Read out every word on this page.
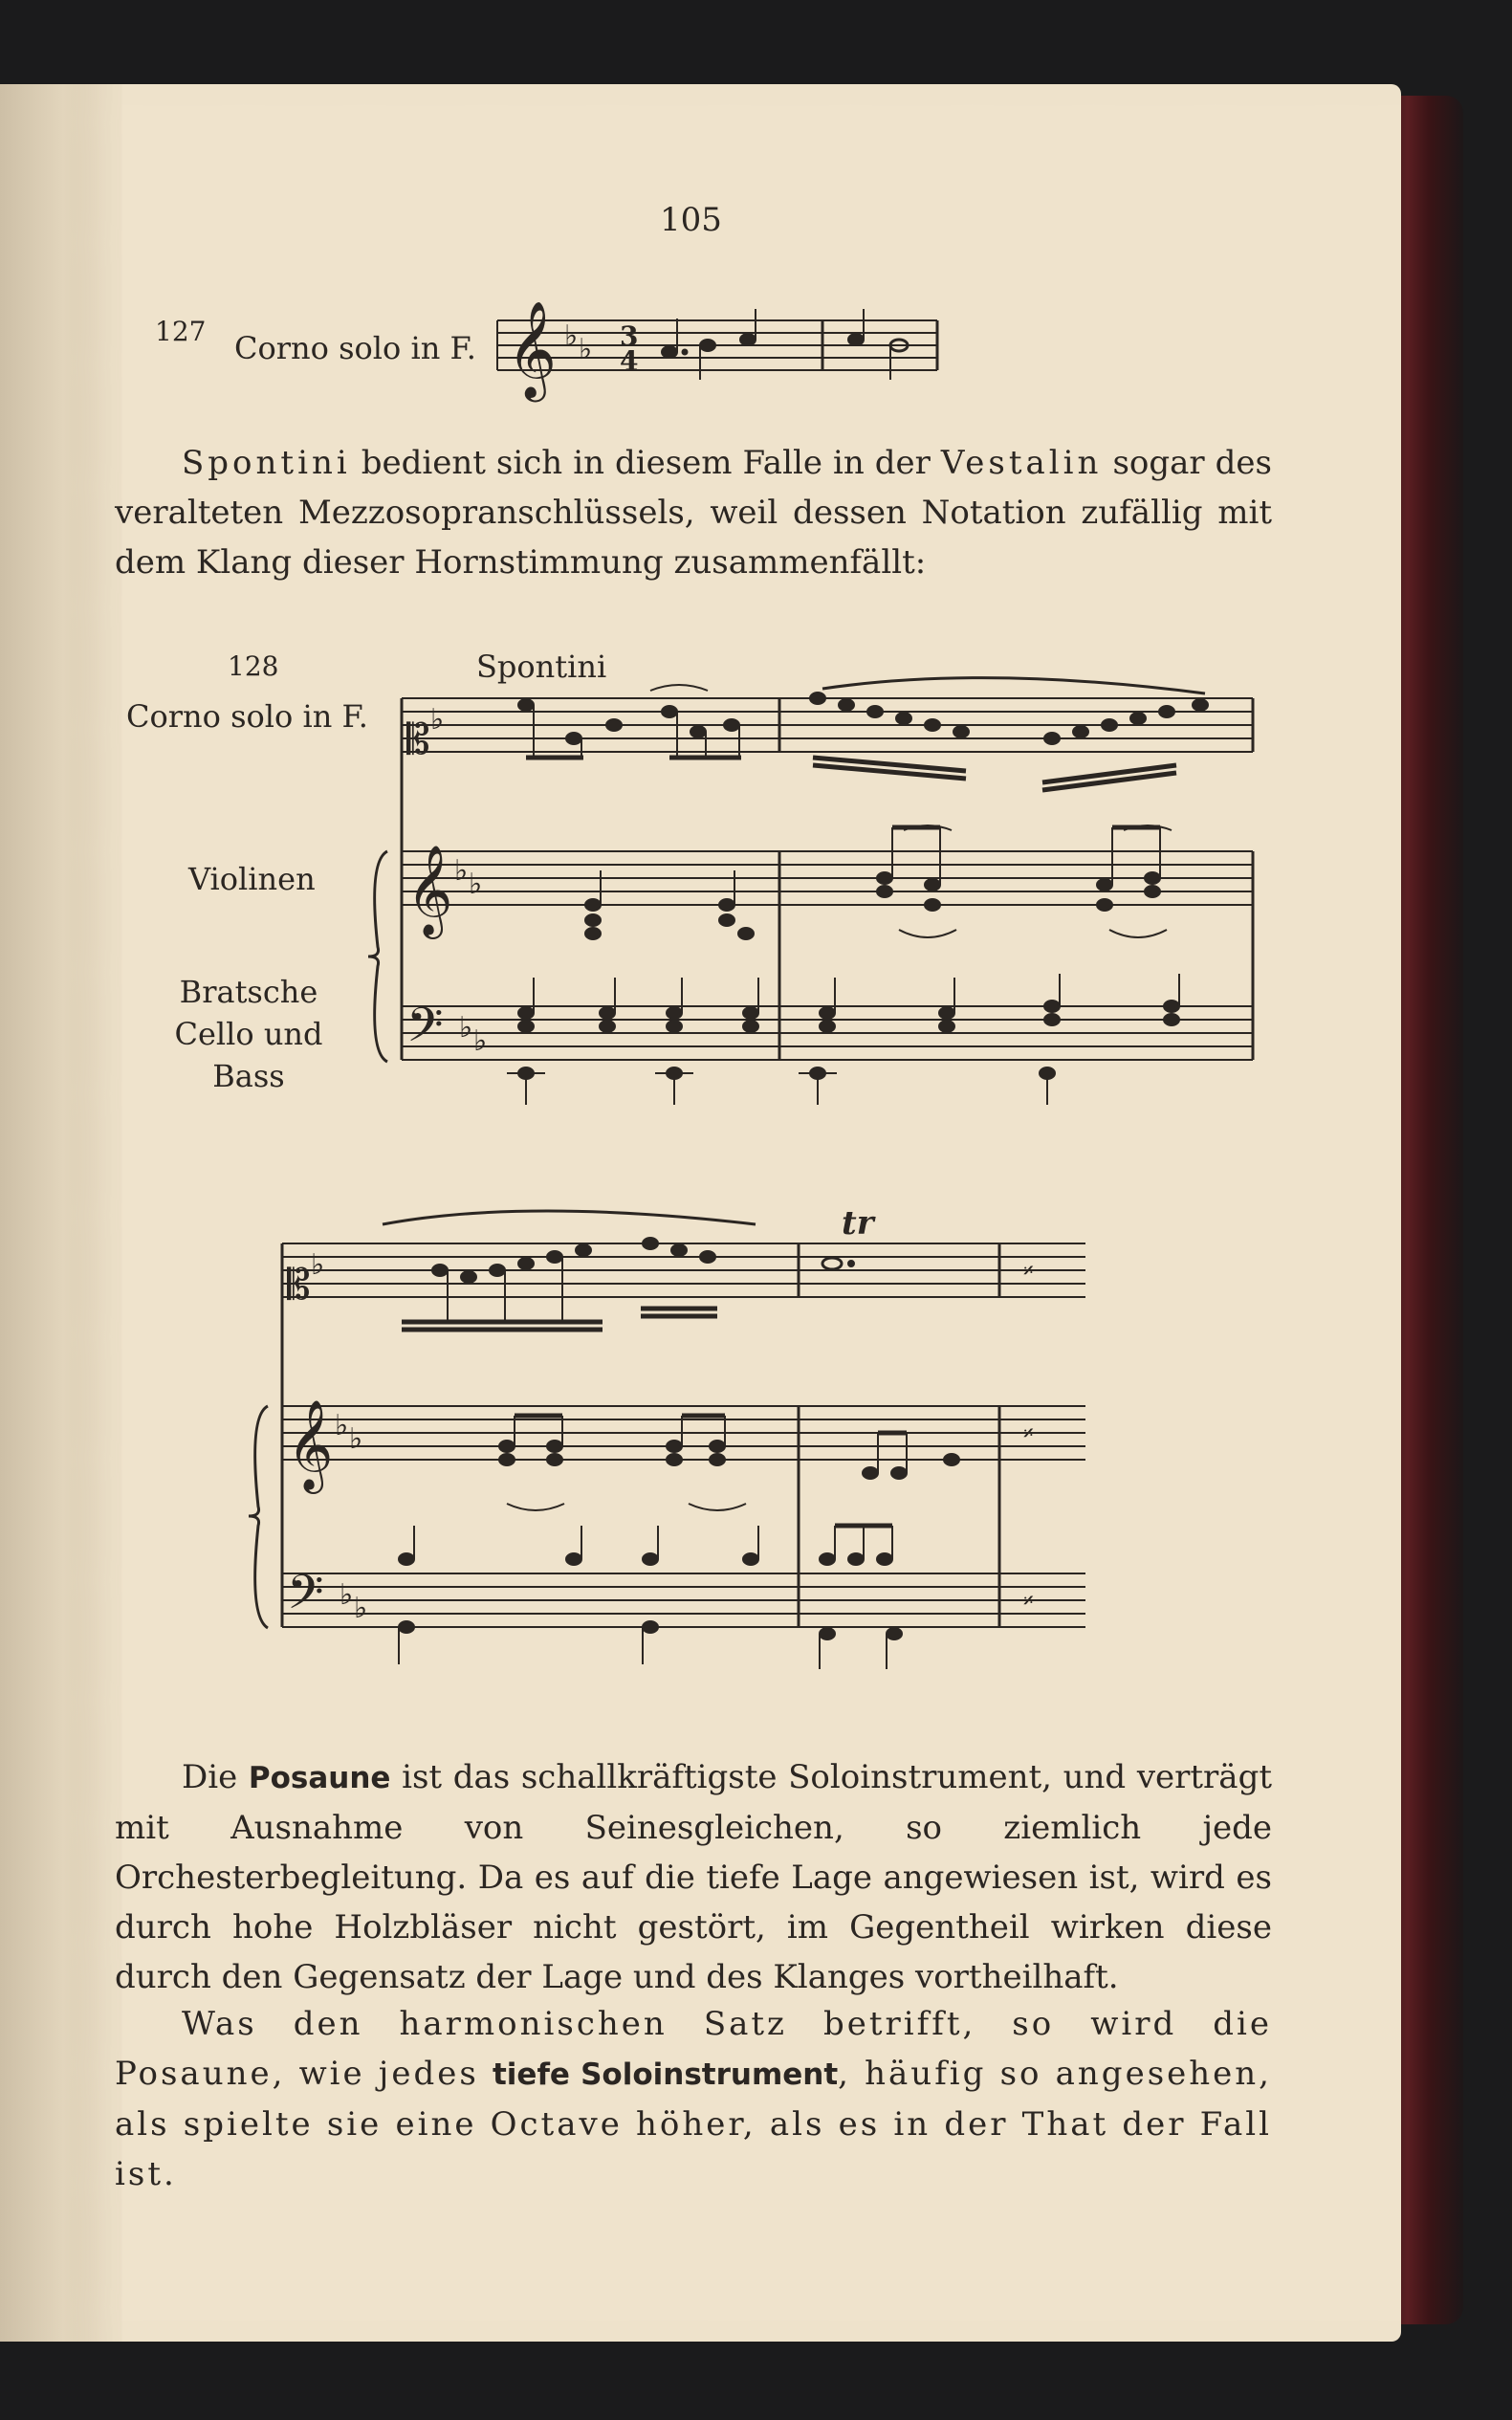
105

127 Corno solo in F. 𝄞 ♭ ♭ 3
4

Spontini bedient sich in diesem Falle in der Vestalin sogar des veralteten Mezzosopranschlüssels, weil dessen Notation zufällig mit dem Klang dieser Hornstimmung zusammenfällt:

128

Corno solo in F.

Spontini

Violinen

Bratsche
Cello und
Bass
𝄡 ♭
𝄞 ♭ ♭
𝄢 ♭ ♭
𝄡 ♭
𝄞 ♭ ♭
𝄢 ♭ ♭
tr
𝄎
𝄎
𝄎

Die Posaune ist das schallkräftigste Soloinstrument, und verträgt mit Ausnahme von Seinesgleichen, so ziemlich jede Orchesterbegleitung. Da es auf die tiefe Lage angewiesen ist, wird es durch hohe Holzbläser nicht gestört, im Gegentheil wirken diese durch den Gegensatz der Lage und des Klanges vortheilhaft.

Was den harmonischen Satz betrifft, so wird die Posaune, wie jedes tiefe Soloinstrument, häufig so angesehen, als spielte sie eine Octave höher, als es in der That der Fall ist.
